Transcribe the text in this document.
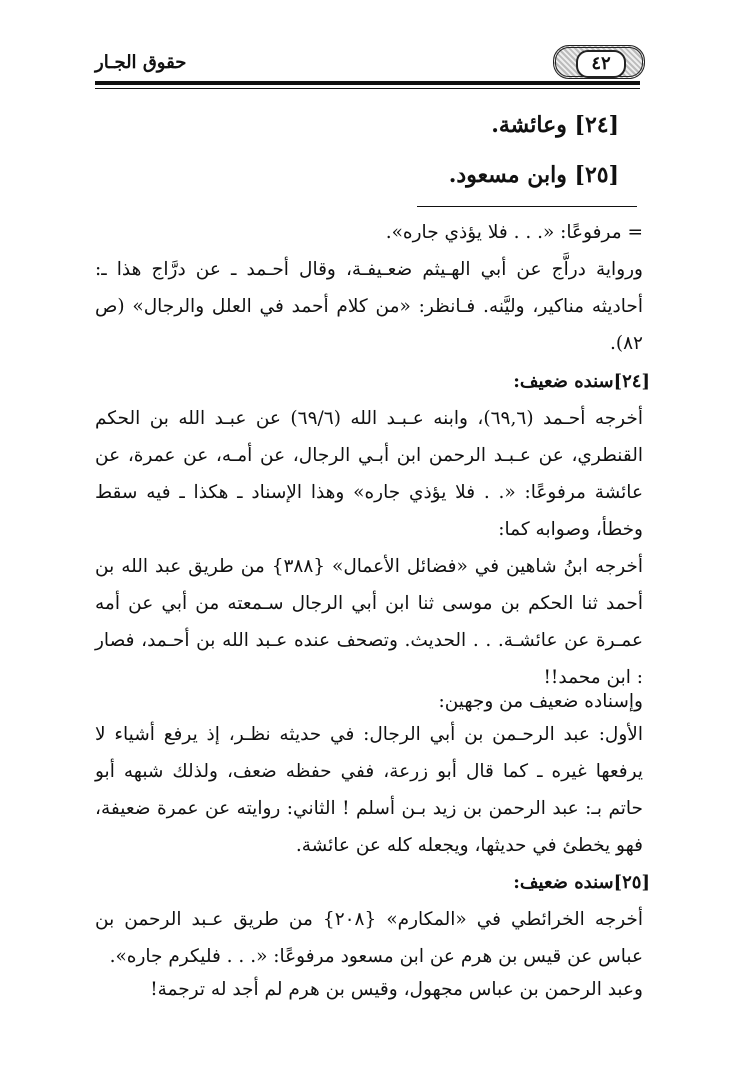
٤٢
حقوق الجـار
[٢٤] وعائشة.
[٢٥] وابن مسعود.
= مرفوعًا: «. . . فلا يؤذي جاره».
ورواية دراَّج عن أبي الهـيثم ضعـيفـة، وقال أحـمد ـ عن درَّاج هذا ـ: أحاديثه مناكير، وليَّنه. فـانظر: «من كلام أحمد في العلل والرجال» (ص ٨٢).
[٢٤]سنده ضعيف:
أخرجه أحـمد (٦٩,٦)، وابنه عـبـد الله (٦٩/٦) عن عبـد الله بن الحكم القنطري، عن عـبـد الرحمن ابن أبـي الرجال، عن أمـه، عن عمرة، عن عائشة مرفوعًا: «. . فلا يؤذي جاره» وهذا الإسناد ـ هكذا ـ فيه سقط وخطأ، وصوابه كما:
أخرجه ابنُ شاهين في «فضائل الأعمال» {٣٨٨} من طريق عبد الله بن أحمد ثنا الحكم بن موسى ثنا ابن أبي الرجال سـمعته من أبي عن أمه عمـرة عن عائشـة. . . الحديث. وتصحف عنده عـبد الله بن أحـمد، فصار : ابن محمد!!
وإسناده ضعيف من وجهين:
الأول: عبد الرحـمن بن أبي الرجال: في حديثه نظـر، إذ يرفع أشياء لا يرفعها غيره ـ كما قال أبو زرعة، ففي حفظه ضعف، ولذلك شبهه أبو حاتم بـ: عبد الرحمن بن زيد بـن أسلم ! الثاني: روايته عن عمرة ضعيفة، فهو يخطئ في حديثها، ويجعله كله عن عائشة.
[٢٥]سنده ضعيف:
أخرجه الخرائطي في «المكارم» {٢٠٨} من طريق عـبد الرحمن بن عباس عن قيس بن هرم عن ابن مسعود مرفوعًا: «. . . فليكرم جاره».
وعبد الرحمن بن عباس مجهول، وقيس بن هرم لم أجد له ترجمة!
